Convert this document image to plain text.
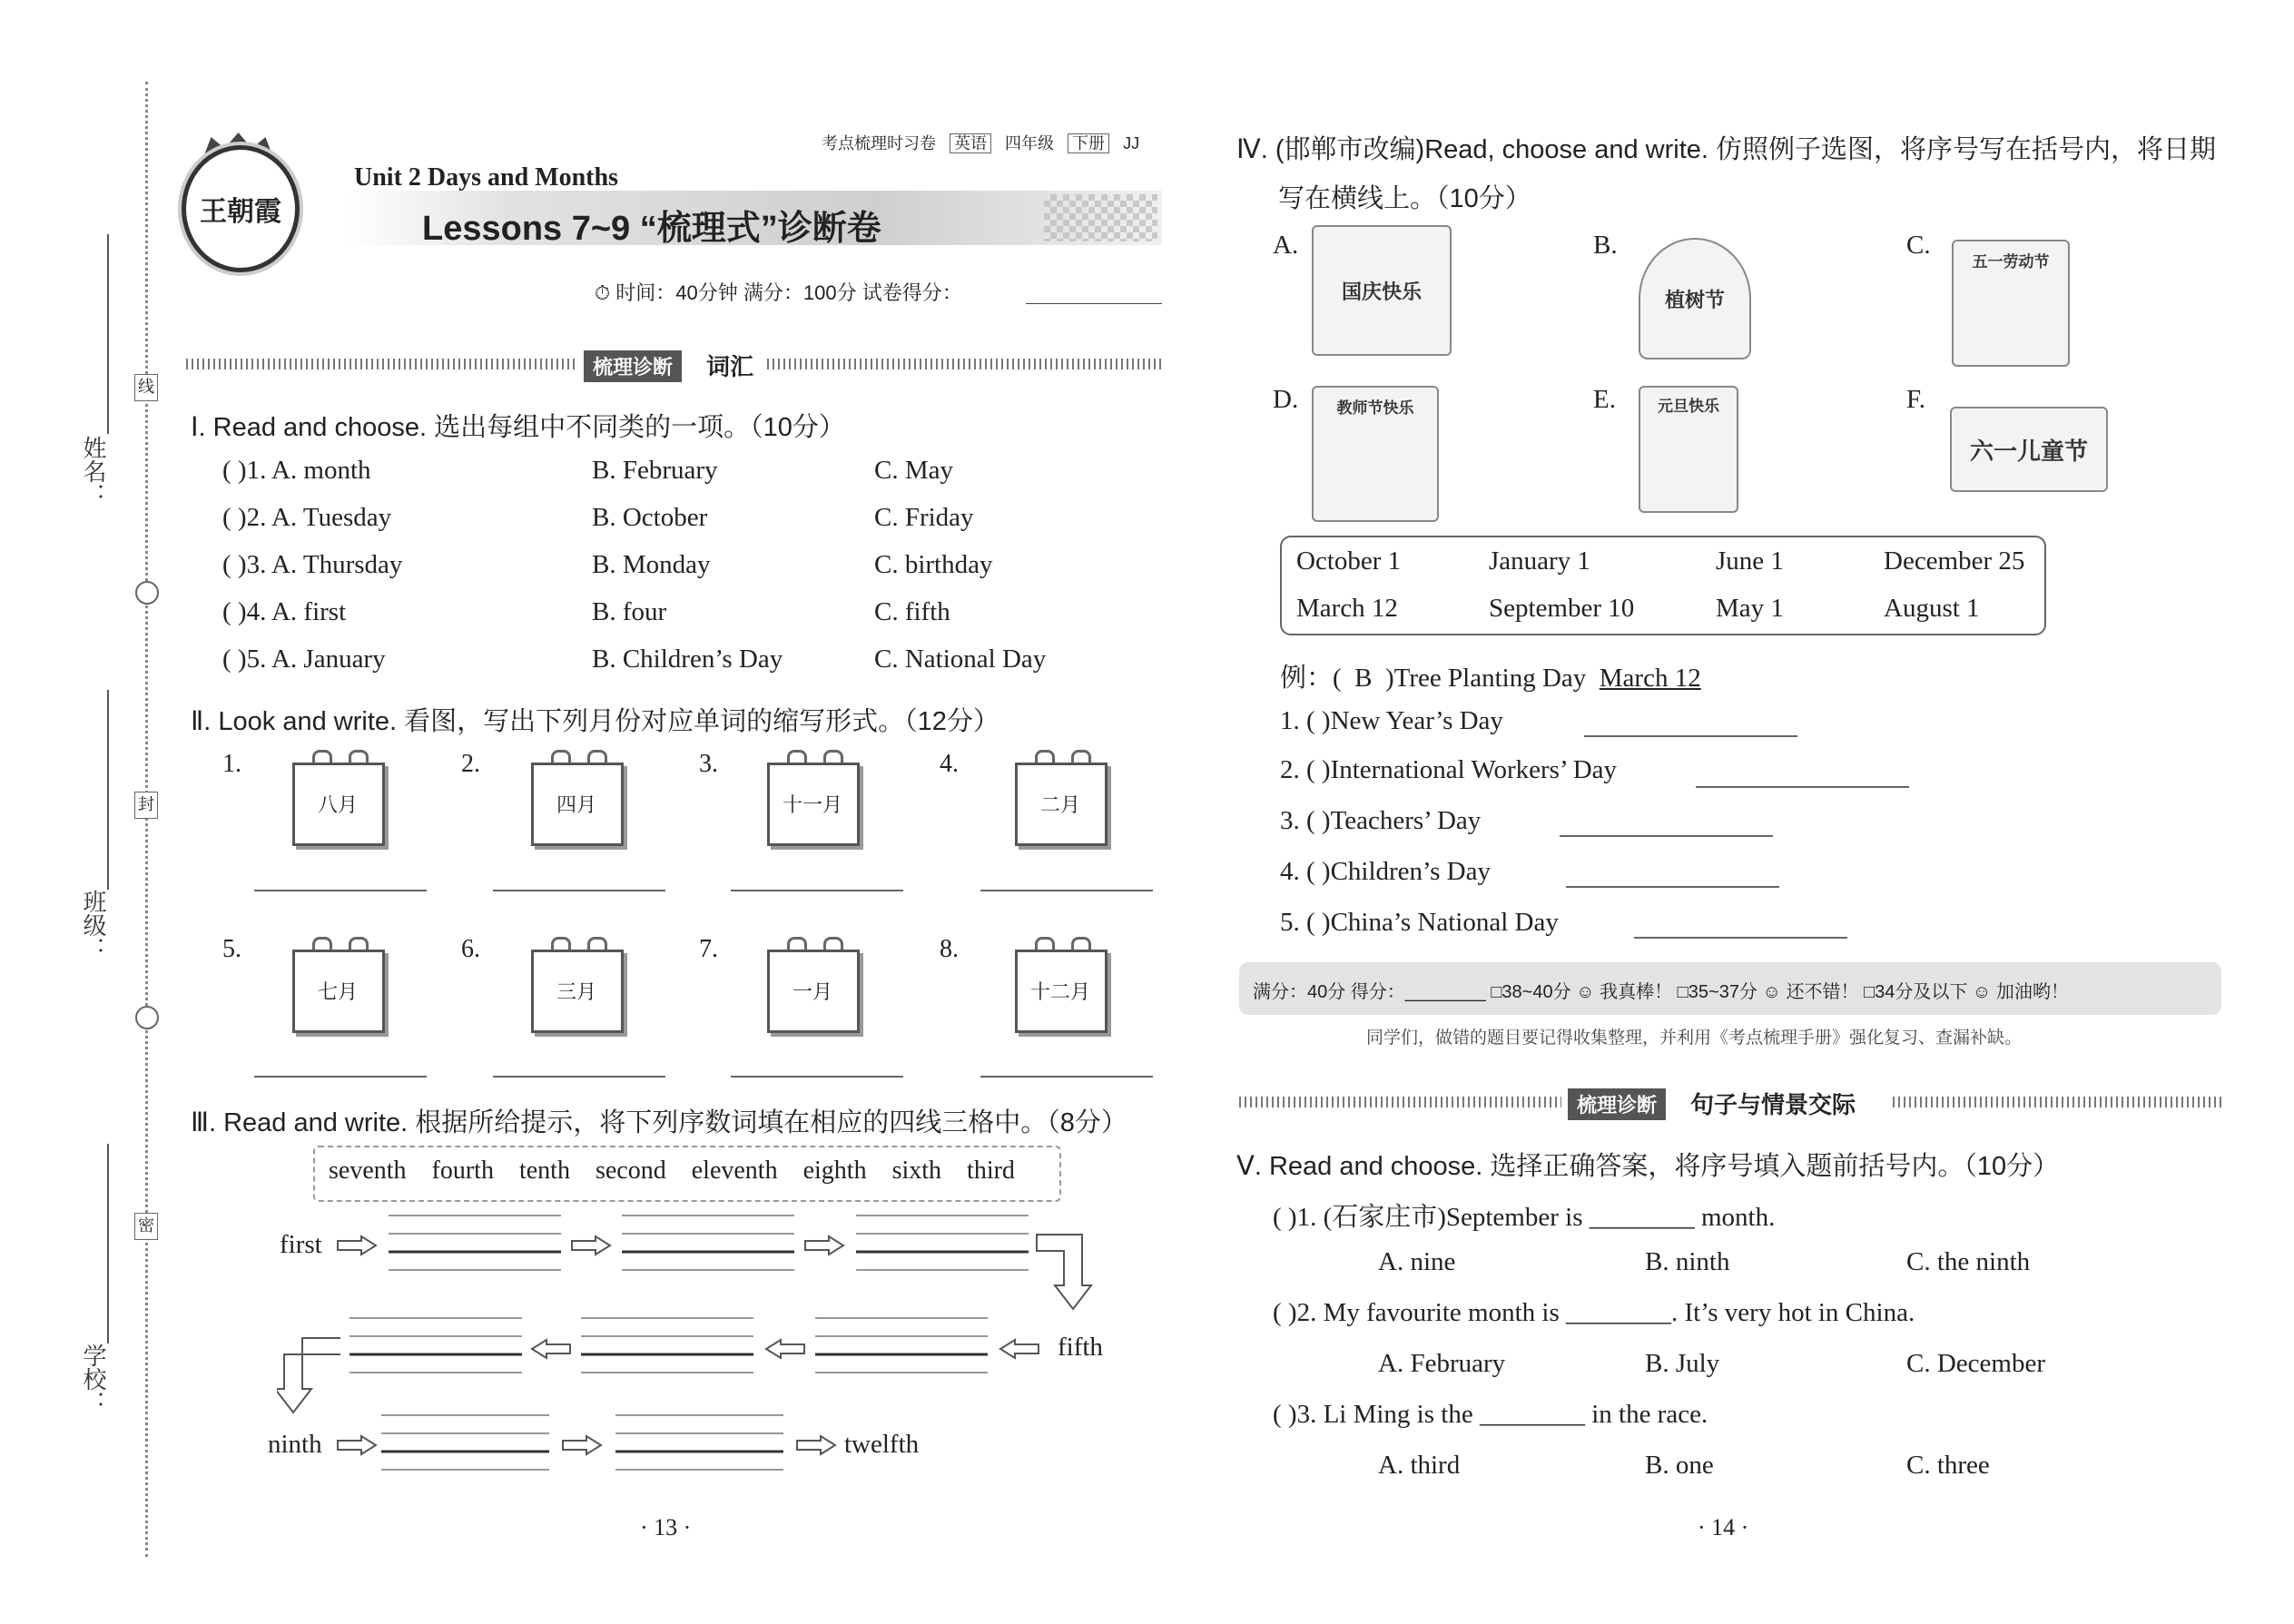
姓名：
班级：
学校：
线
封
密
考点梳理时习卷 英语 四年级 下册 JJ
王朝霞
Unit 2 Days and Months
Lessons 7~9 “梳理式”诊断卷
⏱ 时间：40分钟 满分：100分 试卷得分：
梳理诊断	词汇
Ⅰ. Read and choose. 选出每组中不同类的一项。（10分）
( )1. A. month	B. February	C. May
( )2. A. Tuesday	B. October	C. Friday
( )3. A. Thursday	B. Monday	C. birthday
( )4. A. first	B. four	C. fifth
( )5. A. January	B. Children’s Day	C. National Day
Ⅱ. Look and write. 看图，写出下列月份对应单词的缩写形式。（12分）
1.
八月
2.
四月
3.
十一月
4.
二月
5.
七月
6.
三月
7.
一月
8.
十二月
Ⅲ. Read and write. 根据所给提示，将下列序数词填在相应的四线三格中。（8分）
seventh fourth tenth second eleventh eighth sixth third
first
fifth
ninth	twelfth
· 13 ·
Ⅳ. (邯郸市改编)Read, choose and write. 仿照例子选图，将序号写在括号内，将日期
写在横线上。（10分）
A.
国庆快乐
B.
植树节
C.
五一劳动节
D. 教师节快乐	E.	元旦快乐	F.
六一儿童节
October 1	January 1	June 1	December 25
March 12	September 10	May 1	August 1
例：( B )Tree Planting Day March 12
1. ( )New Year’s Day
2. ( )International Workers’ Day
3. ( )Teachers’ Day
4. ( )Children’s Day
5. ( )China’s National Day
满分：40分 得分：________ □38~40分 ☺ 我真棒！ □35~37分 ☺ 还不错！ □34分及以下 ☺ 加油哟！
同学们，做错的题目要记得收集整理，并利用《考点梳理手册》强化复习、查漏补缺。
梳理诊断	句子与情景交际
Ⅴ. Read and choose. 选择正确答案，将序号填入题前括号内。（10分）
( )1. (石家庄市)September is ________ month.
A. nine	B. ninth	C. the ninth
( )2. My favourite month is ________. It’s very hot in China.
A. February	B. July	C. December
( )3. Li Ming is the ________ in the race.
A. third	B. one	C. three
· 14 ·
